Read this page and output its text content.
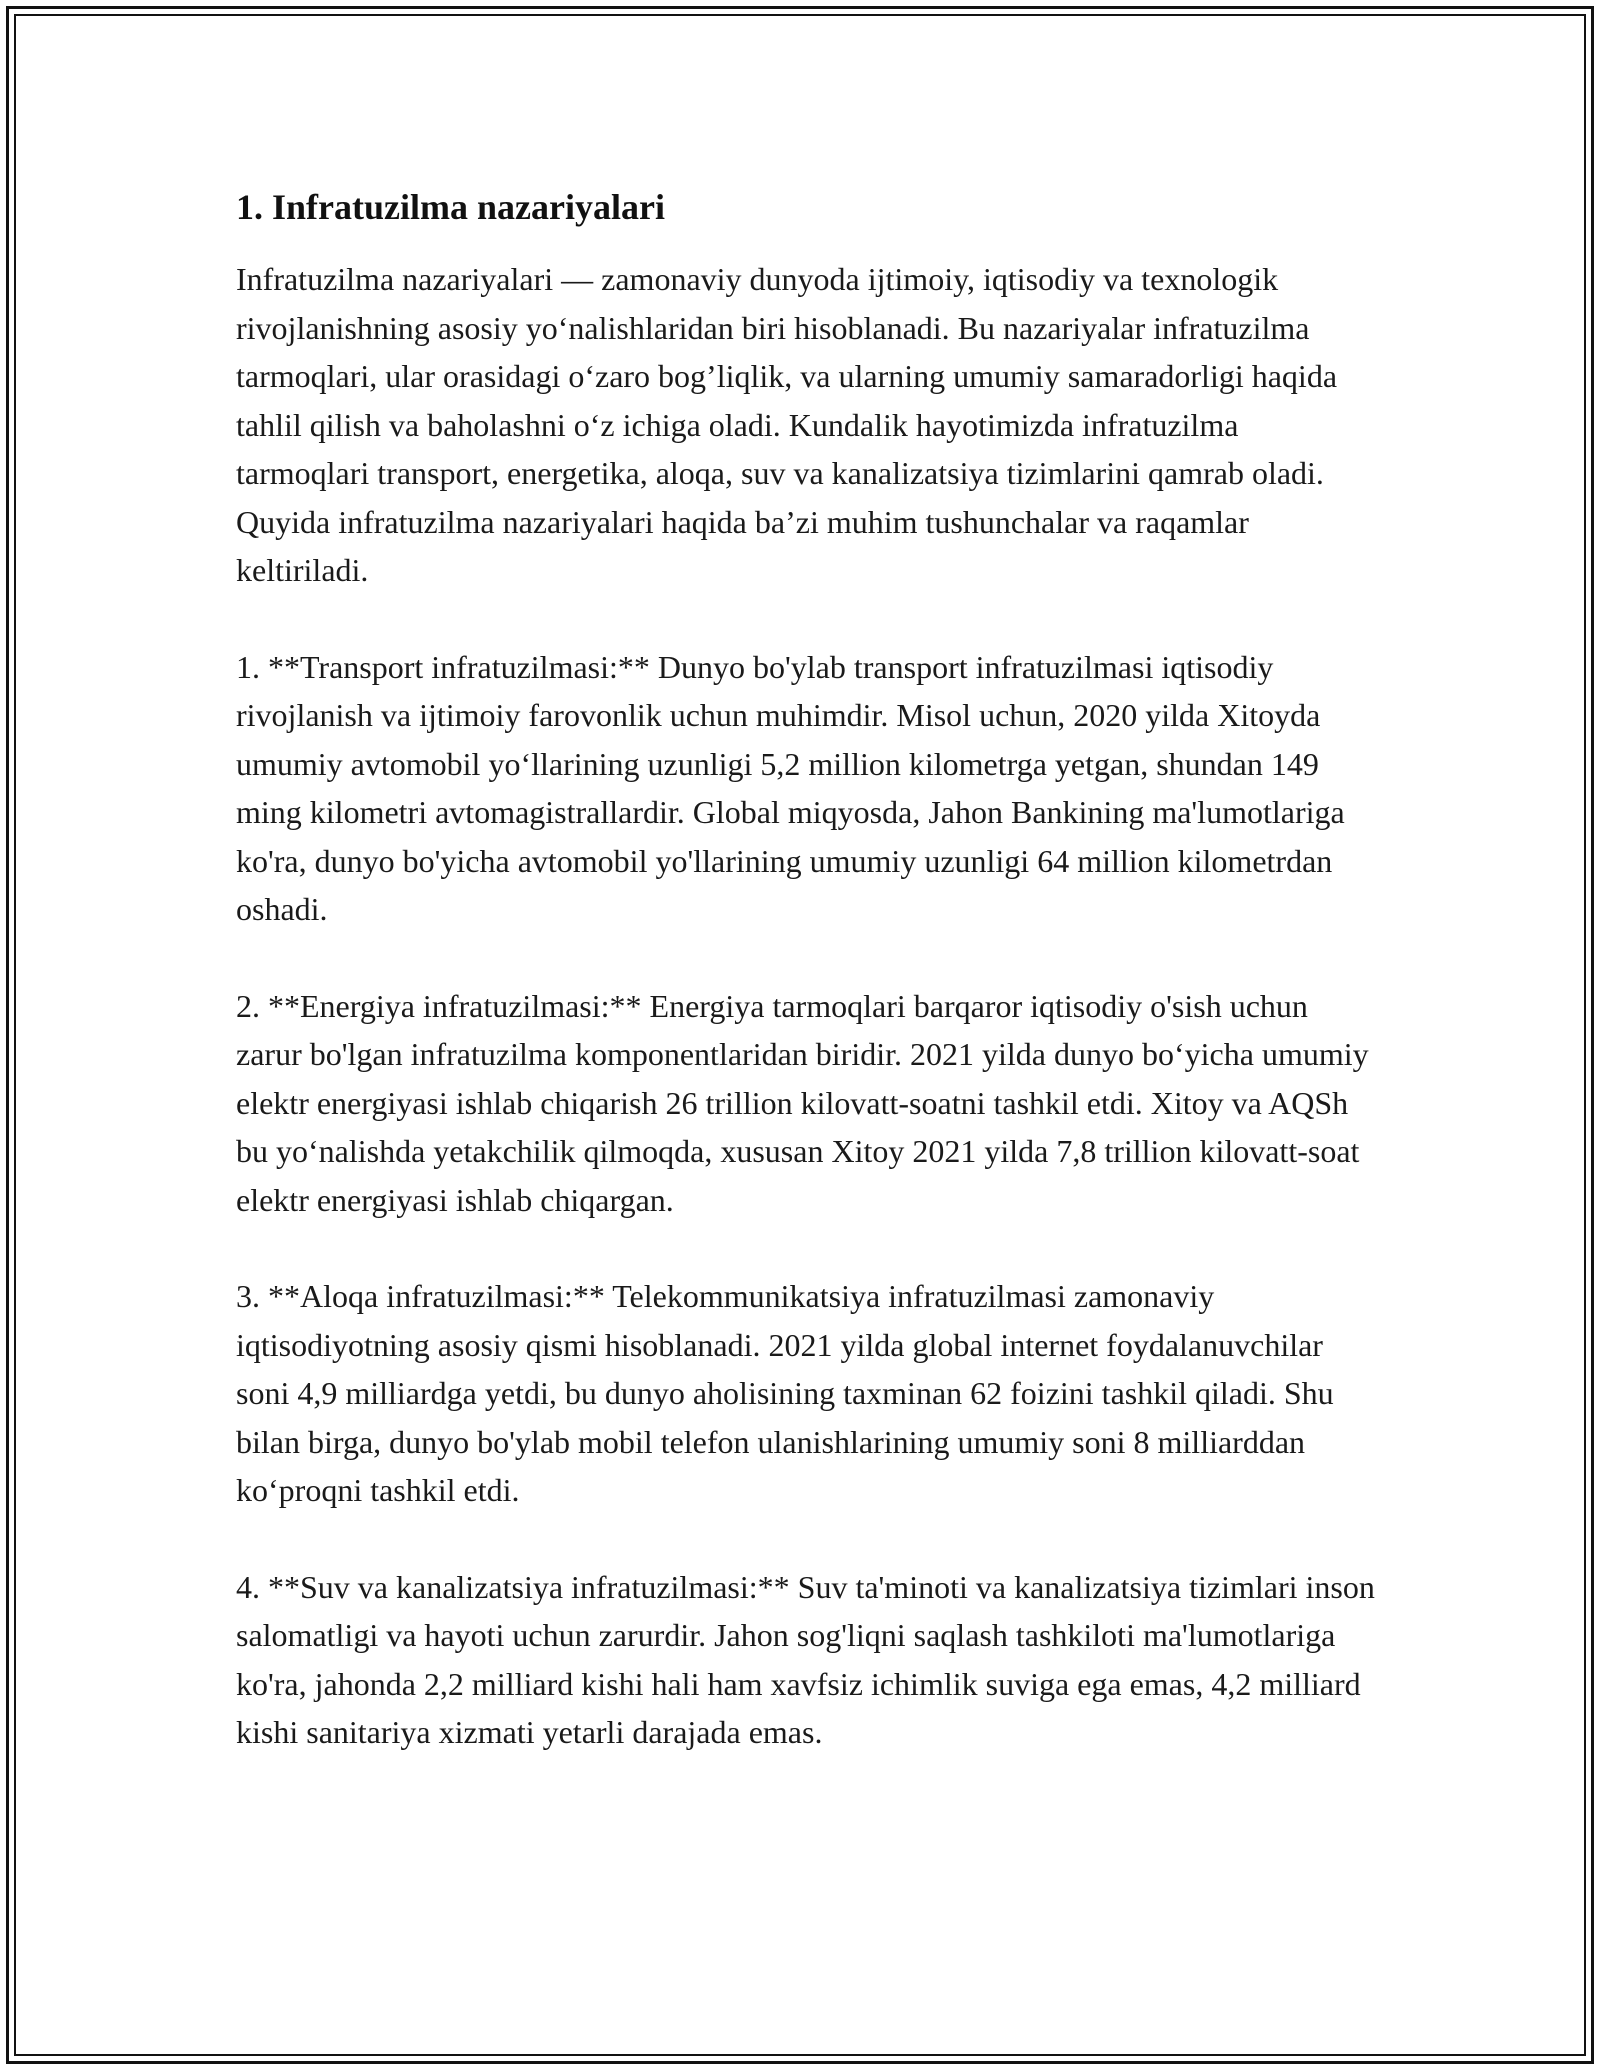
1. Infratuzilma nazariyalari

Infratuzilma nazariyalari — zamonaviy dunyoda ijtimoiy, iqtisodiy va texnologik rivojlanishning asosiy yo‘nalishlaridan biri hisoblanadi. Bu nazariyalar infratuzilma tarmoqlari, ular orasidagi o‘zaro bog’liqlik, va ularning umumiy samaradorligi haqida tahlil qilish va baholashni o‘z ichiga oladi. Kundalik hayotimizda infratuzilma tarmoqlari transport, energetika, aloqa, suv va kanalizatsiya tizimlarini qamrab oladi. Quyida infratuzilma nazariyalari haqida ba’zi muhim tushunchalar va raqamlar keltiriladi.

1. **Transport infratuzilmasi:** Dunyo bo'ylab transport infratuzilmasi iqtisodiy rivojlanish va ijtimoiy farovonlik uchun muhimdir. Misol uchun, 2020 yilda Xitoyda umumiy avtomobil yo‘llarining uzunligi 5,2 million kilometrga yetgan, shundan 149 ming kilometri avtomagistrallardir. Global miqyosda, Jahon Bankining ma'lumotlariga ko'ra, dunyo bo'yicha avtomobil yo'llarining umumiy uzunligi 64 million kilometrdan oshadi.

2. **Energiya infratuzilmasi:** Energiya tarmoqlari barqaror iqtisodiy o'sish uchun zarur bo'lgan infratuzilma komponentlaridan biridir. 2021 yilda dunyo bo‘yicha umumiy elektr energiyasi ishlab chiqarish 26 trillion kilovatt-soatni tashkil etdi. Xitoy va AQSh bu yo‘nalishda yetakchilik qilmoqda, xususan Xitoy 2021 yilda 7,8 trillion kilovatt-soat elektr energiyasi ishlab chiqargan.

3. **Aloqa infratuzilmasi:** Telekommunikatsiya infratuzilmasi zamonaviy iqtisodiyotning asosiy qismi hisoblanadi. 2021 yilda global internet foydalanuvchilar soni 4,9 milliardga yetdi, bu dunyo aholisining taxminan 62 foizini tashkil qiladi. Shu bilan birga, dunyo bo'ylab mobil telefon ulanishlarining umumiy soni 8 milliarddan ko‘proqni tashkil etdi.

4. **Suv va kanalizatsiya infratuzilmasi:** Suv ta'minoti va kanalizatsiya tizimlari inson salomatligi va hayoti uchun zarurdir. Jahon sog'liqni saqlash tashkiloti ma'lumotlariga ko'ra, jahonda 2,2 milliard kishi hali ham xavfsiz ichimlik suviga ega emas, 4,2 milliard kishi sanitariya xizmati yetarli darajada emas.
